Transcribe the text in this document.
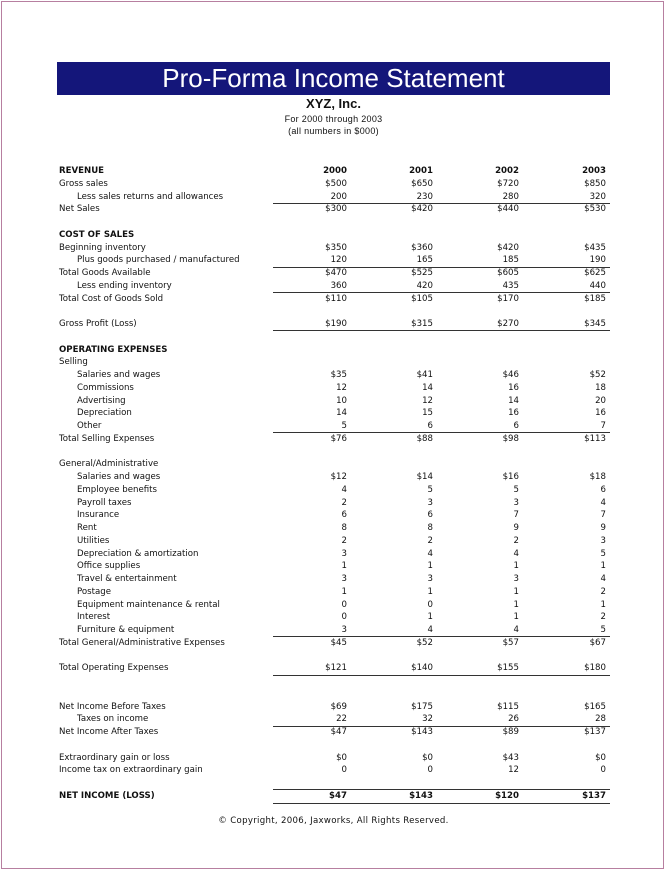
Pro-Forma Income Statement
XYZ, Inc.
For 2000 through 2003
(all numbers in $000)
REVENUE	2000	2001	2002	2003
Gross sales	$500	$650	$720	$850
Less sales returns and allowances	200	230	280	320
Net Sales	$300	$420	$440	$530
COST OF SALES
Beginning inventory	$350	$360	$420	$435
Plus goods purchased / manufactured	120	165	185	190
Total Goods Available	$470	$525	$605	$625
Less ending inventory	360	420	435	440
Total Cost of Goods Sold	$110	$105	$170	$185
Gross Profit (Loss)	$190	$315	$270	$345
OPERATING EXPENSES
Selling
Salaries and wages	$35	$41	$46	$52
Commissions	12	14	16	18
Advertising	10	12	14	20
Depreciation	14	15	16	16
Other	5	6	6	7
Total Selling Expenses	$76	$88	$98	$113
General/Administrative
Salaries and wages	$12	$14	$16	$18
Employee benefits	4	5	5	6
Payroll taxes	2	3	3	4
Insurance	6	6	7	7
Rent	8	8	9	9
Utilities	2	2	2	3
Depreciation & amortization	3	4	4	5
Office supplies	1	1	1	1
Travel & entertainment	3	3	3	4
Postage	1	1	1	2
Equipment maintenance & rental	0	0	1	1
Interest	0	1	1	2
Furniture & equipment	3	4	4	5
Total General/Administrative Expenses	$45	$52	$57	$67
Total Operating Expenses	$121	$140	$155	$180
Net Income Before Taxes	$69	$175	$115	$165
Taxes on income	22	32	26	28
Net Income After Taxes	$47	$143	$89	$137
Extraordinary gain or loss	$0	$0	$43	$0
Income tax on extraordinary gain	0	0	12	0
NET INCOME (LOSS)	$47	$143	$120	$137
© Copyright, 2006, Jaxworks, All Rights Reserved.
